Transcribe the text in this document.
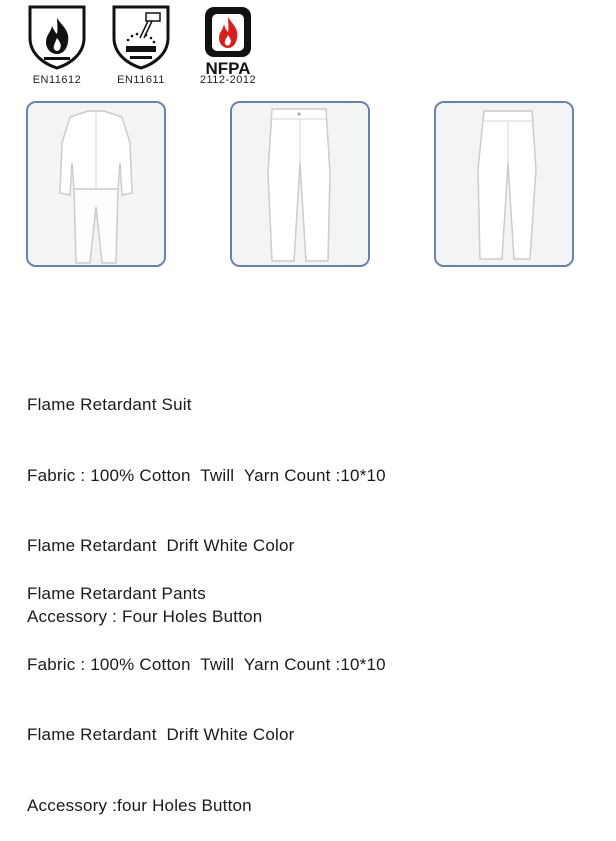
EN11612	EN11611
NFPA
2112-2012

Flame Retardant Suit

Fabric : 100% Cotton  Twill  Yarn Count :10*10

Flame Retardant  Drift White Color

Accessory : Four Holes Button

Flame Retardant Pants

Fabric : 100% Cotton  Twill  Yarn Count :10*10

Flame Retardant  Drift White Color

Accessory :four Holes Button
